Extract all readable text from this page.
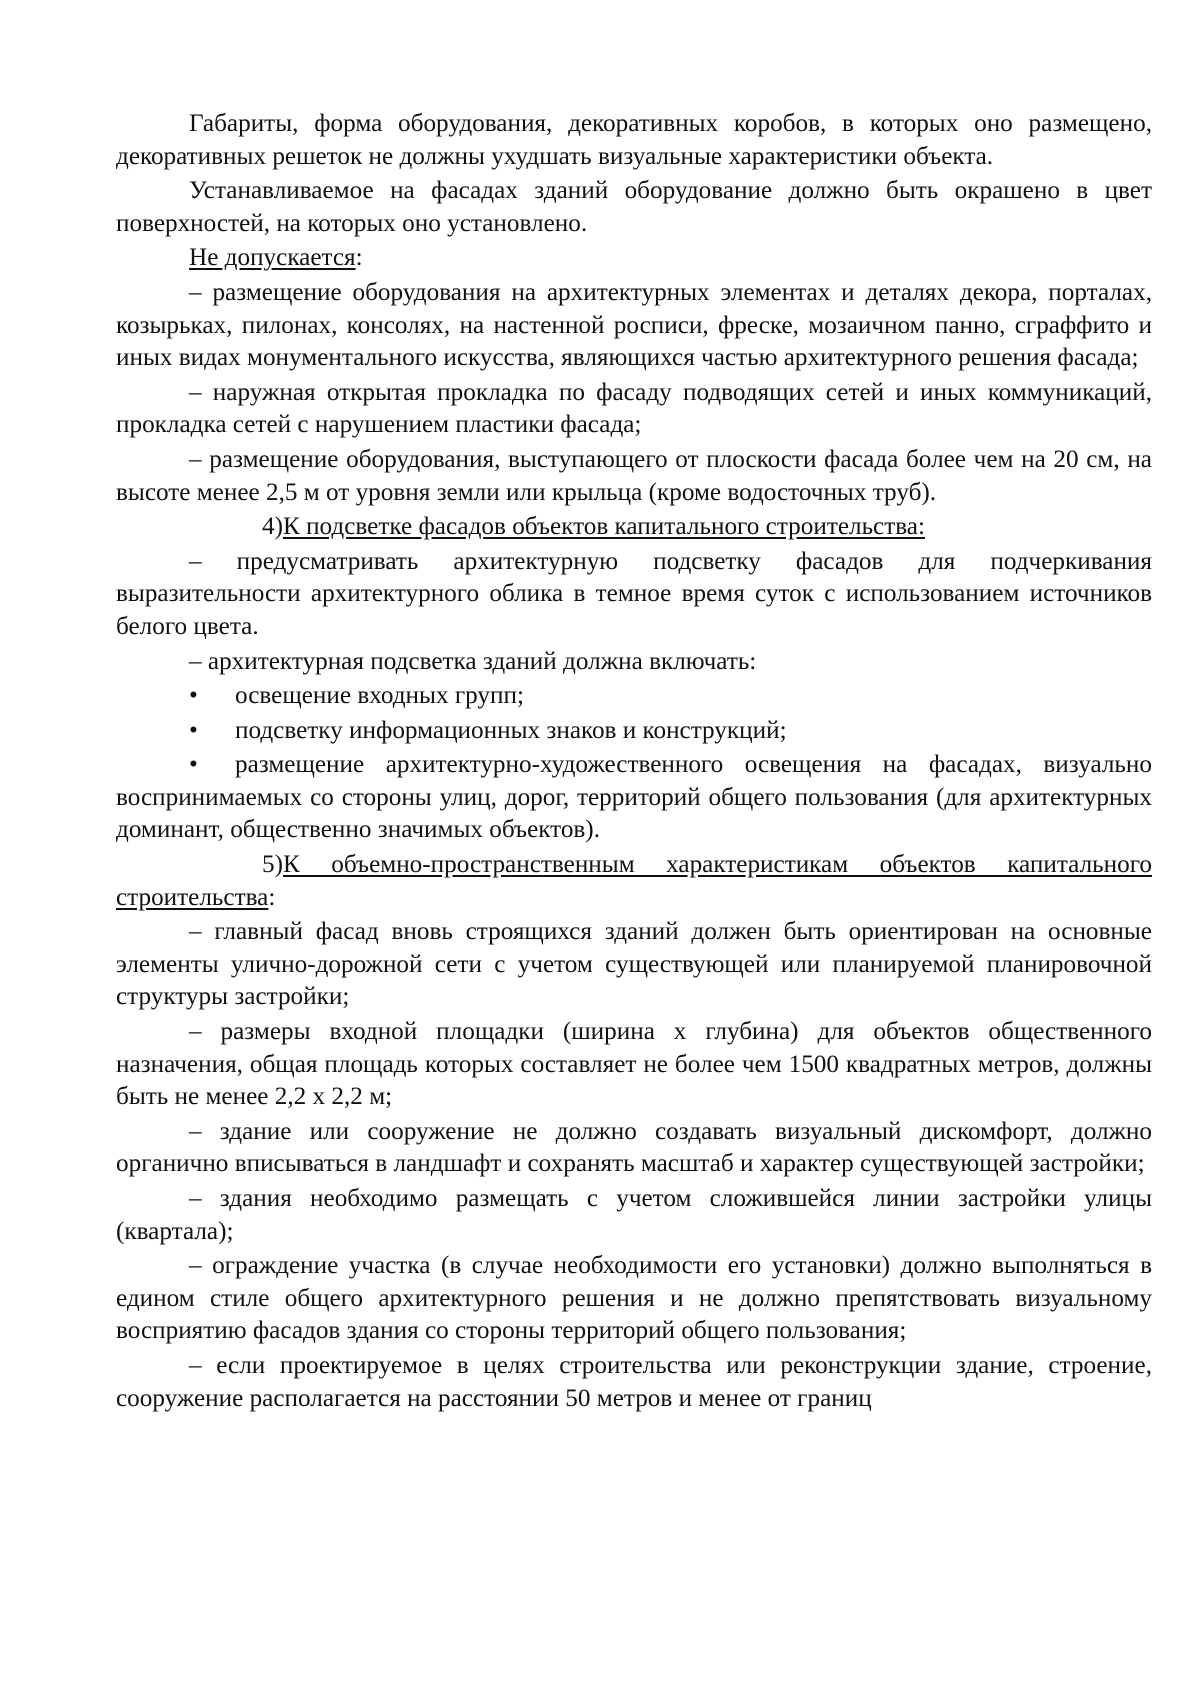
Габариты, форма оборудования, декоративных коробов, в которых оно размещено, декоративных решеток не должны ухудшать визуальные характеристики объекта.

Устанавливаемое на фасадах зданий оборудование должно быть окрашено в цвет поверхностей, на которых оно установлено.

Не допускается:

– размещение оборудования на архитектурных элементах и деталях декора, порталах, козырьках, пилонах, консолях, на настенной росписи, фреске, мозаичном панно, сграффито и иных видах монументального искусства, являющихся частью архитектурного решения фасада;

– наружная открытая прокладка по фасаду подводящих сетей и иных коммуникаций, прокладка сетей с нарушением пластики фасада;

– размещение оборудования, выступающего от плоскости фасада более чем на 20 см, на высоте менее 2,5 м от уровня земли или крыльца (кроме водосточных труб).

4)К подсветке фасадов объектов капитального строительства:

– предусматривать архитектурную подсветку фасадов для подчеркивания выразительности архитектурного облика в темное время суток с использованием источников белого цвета.

– архитектурная подсветка зданий должна включать:

• освещение входных групп;

• подсветку информационных знаков и конструкций;

• размещение архитектурно-художественного освещения на фасадах, визуально воспринимаемых со стороны улиц, дорог, территорий общего пользования (для архитектурных доминант, общественно значимых объектов).

5)К объемно-пространственным характеристикам объектов капитального строительства:

– главный фасад вновь строящихся зданий должен быть ориентирован на основные элементы улично-дорожной сети с учетом существующей или планируемой планировочной структуры застройки;

– размеры входной площадки (ширина х глубина) для объектов общественного назначения, общая площадь которых составляет не более чем 1500 квадратных метров, должны быть не менее 2,2 х 2,2 м;

– здание или сооружение не должно создавать визуальный дискомфорт, должно органично вписываться в ландшафт и сохранять масштаб и характер существующей застройки;

– здания необходимо размещать с учетом сложившейся линии застройки улицы (квартала);

– ограждение участка (в случае необходимости его установки) должно выполняться в едином стиле общего архитектурного решения и не должно препятствовать визуальному восприятию фасадов здания со стороны территорий общего пользования;

– если проектируемое в целях строительства или реконструкции здание, строение, сооружение располагается на расстоянии 50 метров и менее от границ
